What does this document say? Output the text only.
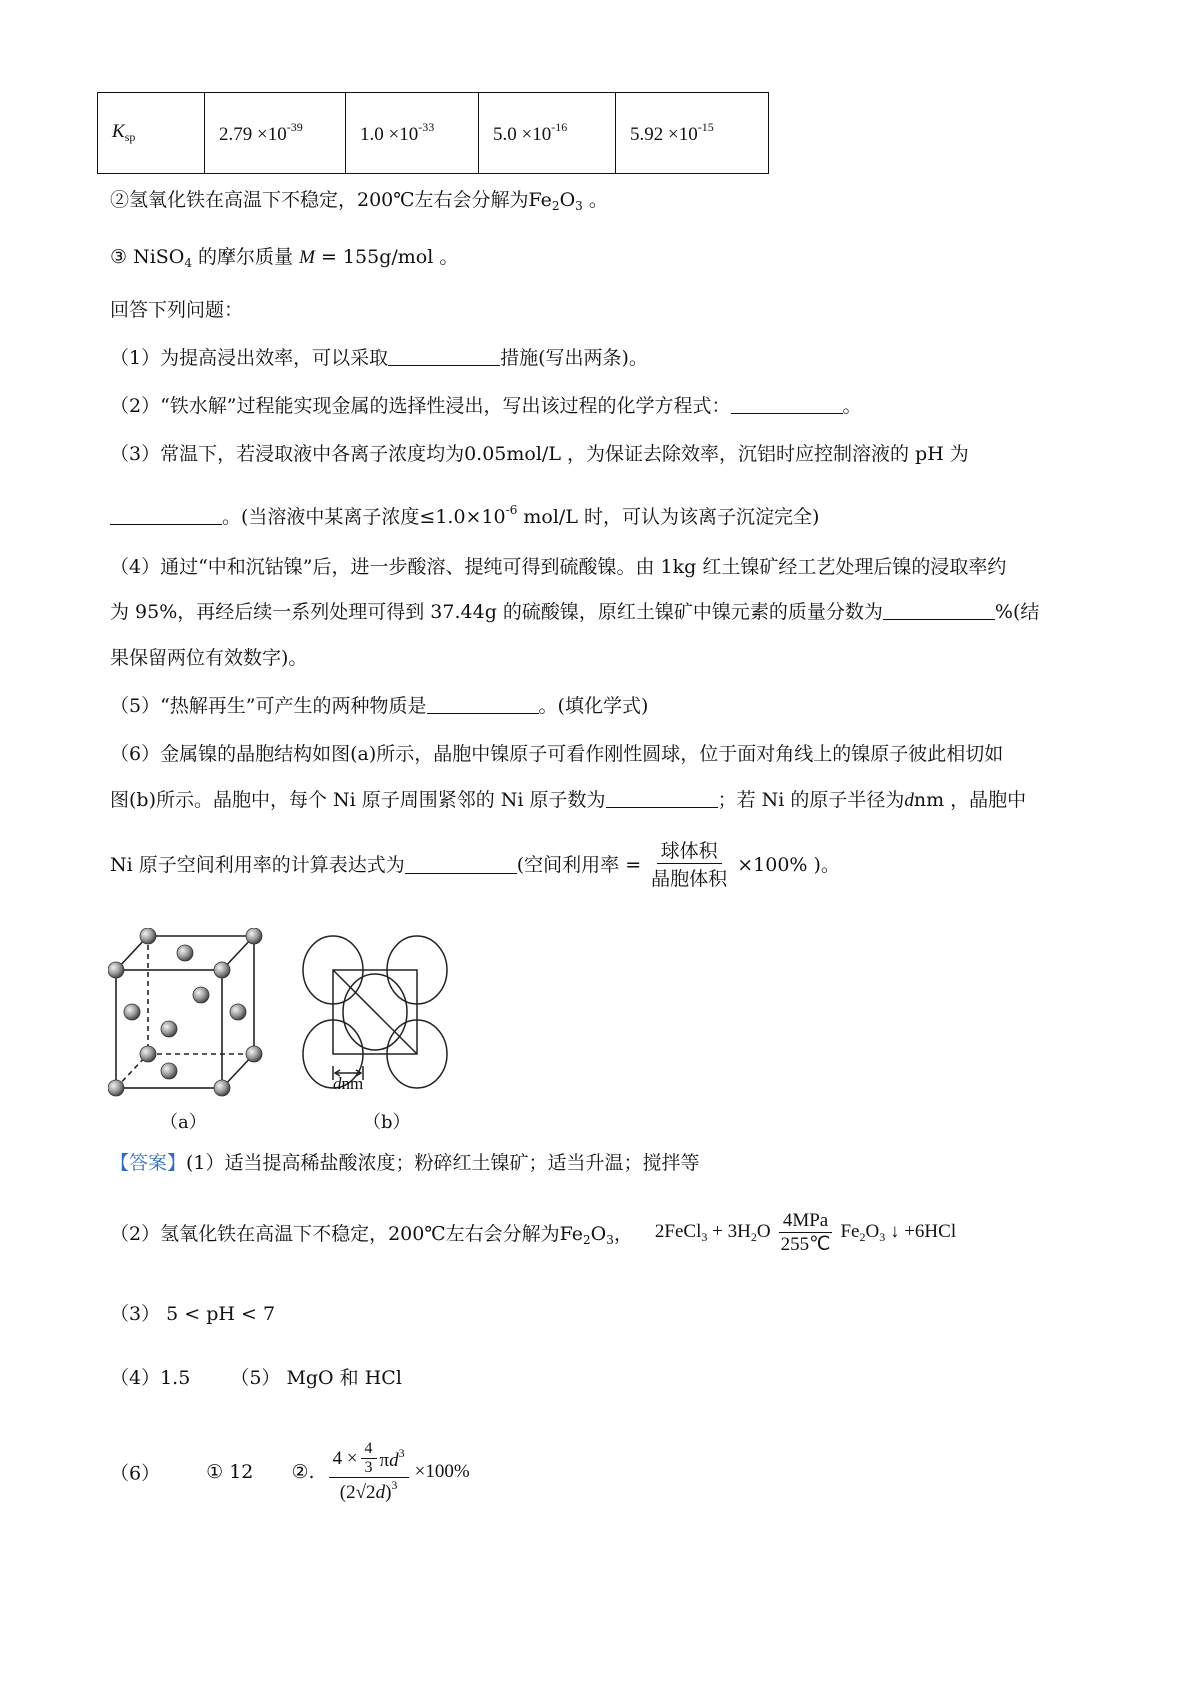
$K_{sp}$	$2.79 \times 10^{-39}$	$1.0 \times 10^{-33}$	$5.0 \times 10^{-16}$	$5.92 \times 10^{-15}$
②氢氧化铁在高温下不稳定，200℃左右会分解为$Fe_2O_3$ 。
③ NiSO$_4$ 的摩尔质量 M = 155g/mol 。
回答下列问题：
（1）为提高浸出效率，可以采取	措施(写出两条)。
（2）“铁水解”过程能实现金属的选择性浸出，写出该过程的化学方程式：	。
（3）常温下，若浸取液中各离子浓度均为0.05mol/L ，为保证去除效率，沉铝时应控制溶液的 pH 为
。(当溶液中某离子浓度$\le 1.0\times 10^{-6}$ mol/L 时，可认为该离子沉淀完全)
（4）通过“中和沉钴镍”后，进一步酸溶、提纯可得到硫酸镍。由 1kg 红土镍矿经工艺处理后镍的浸取率约
为 95%，再经后续一系列处理可得到 37.44g 的硫酸镍，原红土镍矿中镍元素的质量分数为	%(结
果保留两位有效数字)。
（5）“热解再生”可产生的两种物质是	。(填化学式)
（6）金属镍的晶胞结构如图(a)所示，晶胞中镍原子可看作刚性圆球，位于面对角线上的镍原子彼此相切如
图(b)所示。晶胞中，每个 Ni 原子周围紧邻的 Ni 原子数为	；若 Ni 的原子半径为dnm ，晶胞中
Ni 原子空间利用率的计算表达式为	(空间利用率 = $\frac{\text{球体积}}{\text{晶胞体积}} \times 100\%$ )。
（a）
dnm
（b）
【答案】(1）适当提高稀盐酸浓度；粉碎红土镍矿；适当升温；搅拌等
（2）氢氧化铁在高温下不稳定，200℃左右会分解为$Fe_2O_3$， 2FeCl$_3$ + $3H_2O \frac{\text{4MPa}}{255℃} Fe_2O_3$ ↓ +6HCl
（3） 5 < pH < 7
（4）1.5 （5） MgO 和 HCl
（6） ① 12 ②. $\frac{4 \times \frac{4}{3} \pi d^3}{(2√2d)^3} \times 100\%$
